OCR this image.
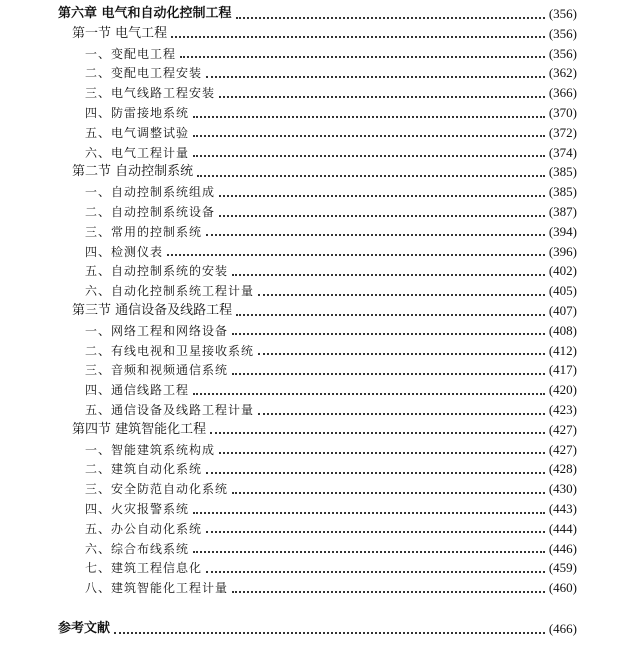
第六章 电气和自动化控制工程	(356)
第一节 电气工程	(356)
一、变配电工程	(356)
二、变配电工程安装	(362)
三、电气线路工程安装	(366)
四、防雷接地系统	(370)
五、电气调整试验	(372)
六、电气工程计量	(374)
第二节 自动控制系统	(385)
一、自动控制系统组成	(385)
二、自动控制系统设备	(387)
三、常用的控制系统	(394)
四、检测仪表	(396)
五、自动控制系统的安装	(402)
六、自动化控制系统工程计量	(405)
第三节 通信设备及线路工程	(407)
一、网络工程和网络设备	(408)
二、有线电视和卫星接收系统	(412)
三、音频和视频通信系统	(417)
四、通信线路工程	(420)
五、通信设备及线路工程计量	(423)
第四节 建筑智能化工程	(427)
一、智能建筑系统构成	(427)
二、建筑自动化系统	(428)
三、安全防范自动化系统	(430)
四、火灾报警系统	(443)
五、办公自动化系统	(444)
六、综合布线系统	(446)
七、建筑工程信息化	(459)
八、建筑智能化工程计量	(460)
参考文献	(466)
